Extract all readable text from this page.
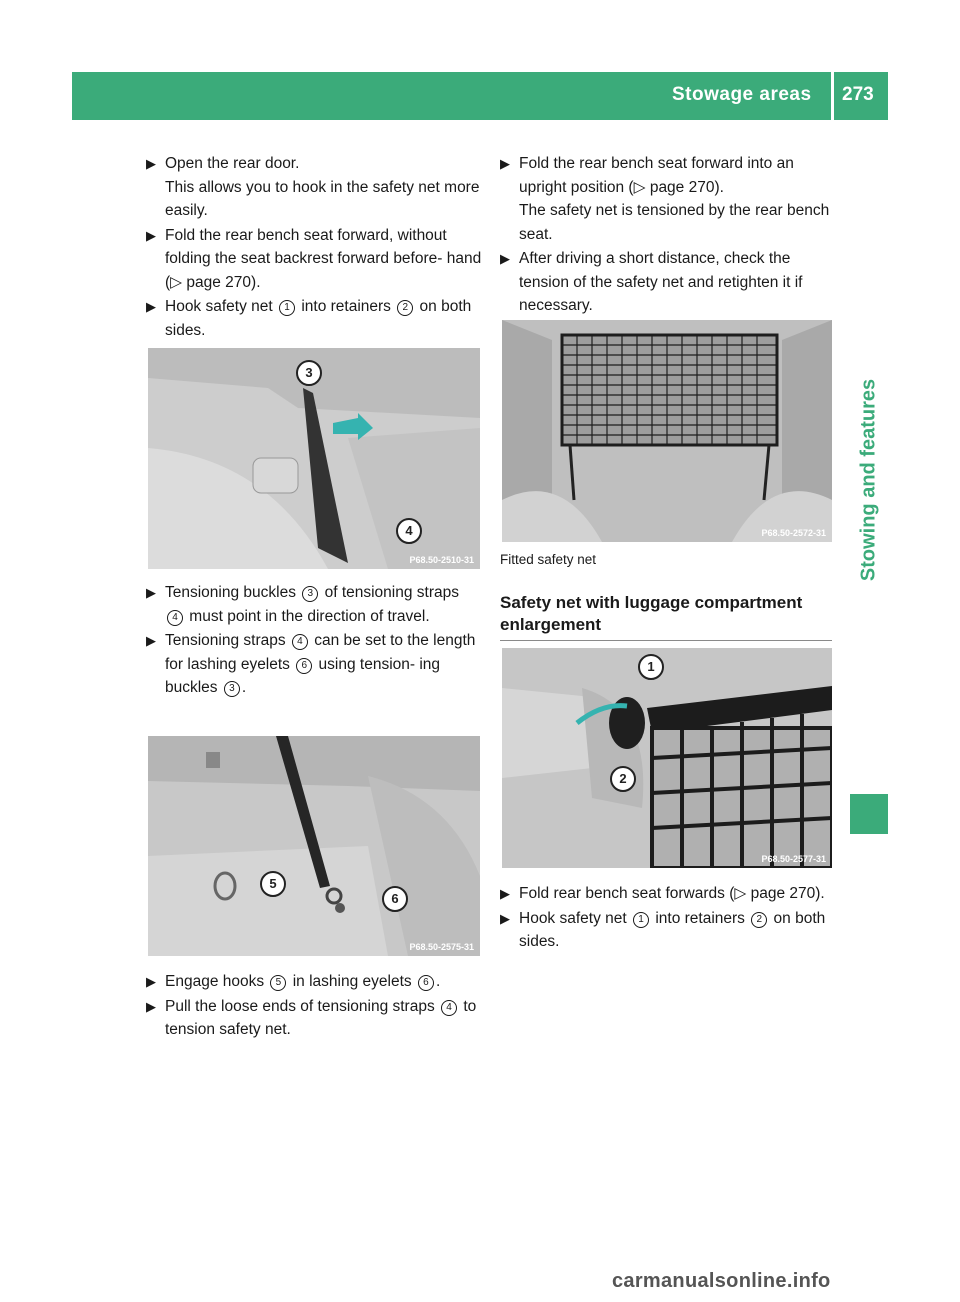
Stowage areas 273
Stowing and features
▶ Open the rear door.
This allows you to hook in the safety net more easily.
▶ Fold the rear bench seat forward, without folding the seat backrest forward before- hand (▷ page 270).
▶ Hook safety net 1 into retainers 2 on both sides.
3
4
P68.50-2510-31
▶ Tensioning buckles 3 of tensioning straps 4 must point in the direction of travel.
▶ Tensioning straps 4 can be set to the length for lashing eyelets 6 using tension- ing buckles 3 .
5
6
P68.50-2575-31
▶ Engage hooks 5 in lashing eyelets 6 .
▶ Pull the loose ends of tensioning straps 4 to tension safety net.
▶ Fold the rear bench seat forward into an upright position (▷ page 270).
The safety net is tensioned by the rear bench seat.
▶ After driving a short distance, check the tension of the safety net and retighten it if necessary.
P68.50-2572-31
Fitted safety net
Safety net with luggage compartment enlargement
1
2
P68.50-2577-31
▶ Fold rear bench seat forwards (▷ page 270).
▶ Hook safety net 1 into retainers 2 on both sides.
carmanualsonline.info
